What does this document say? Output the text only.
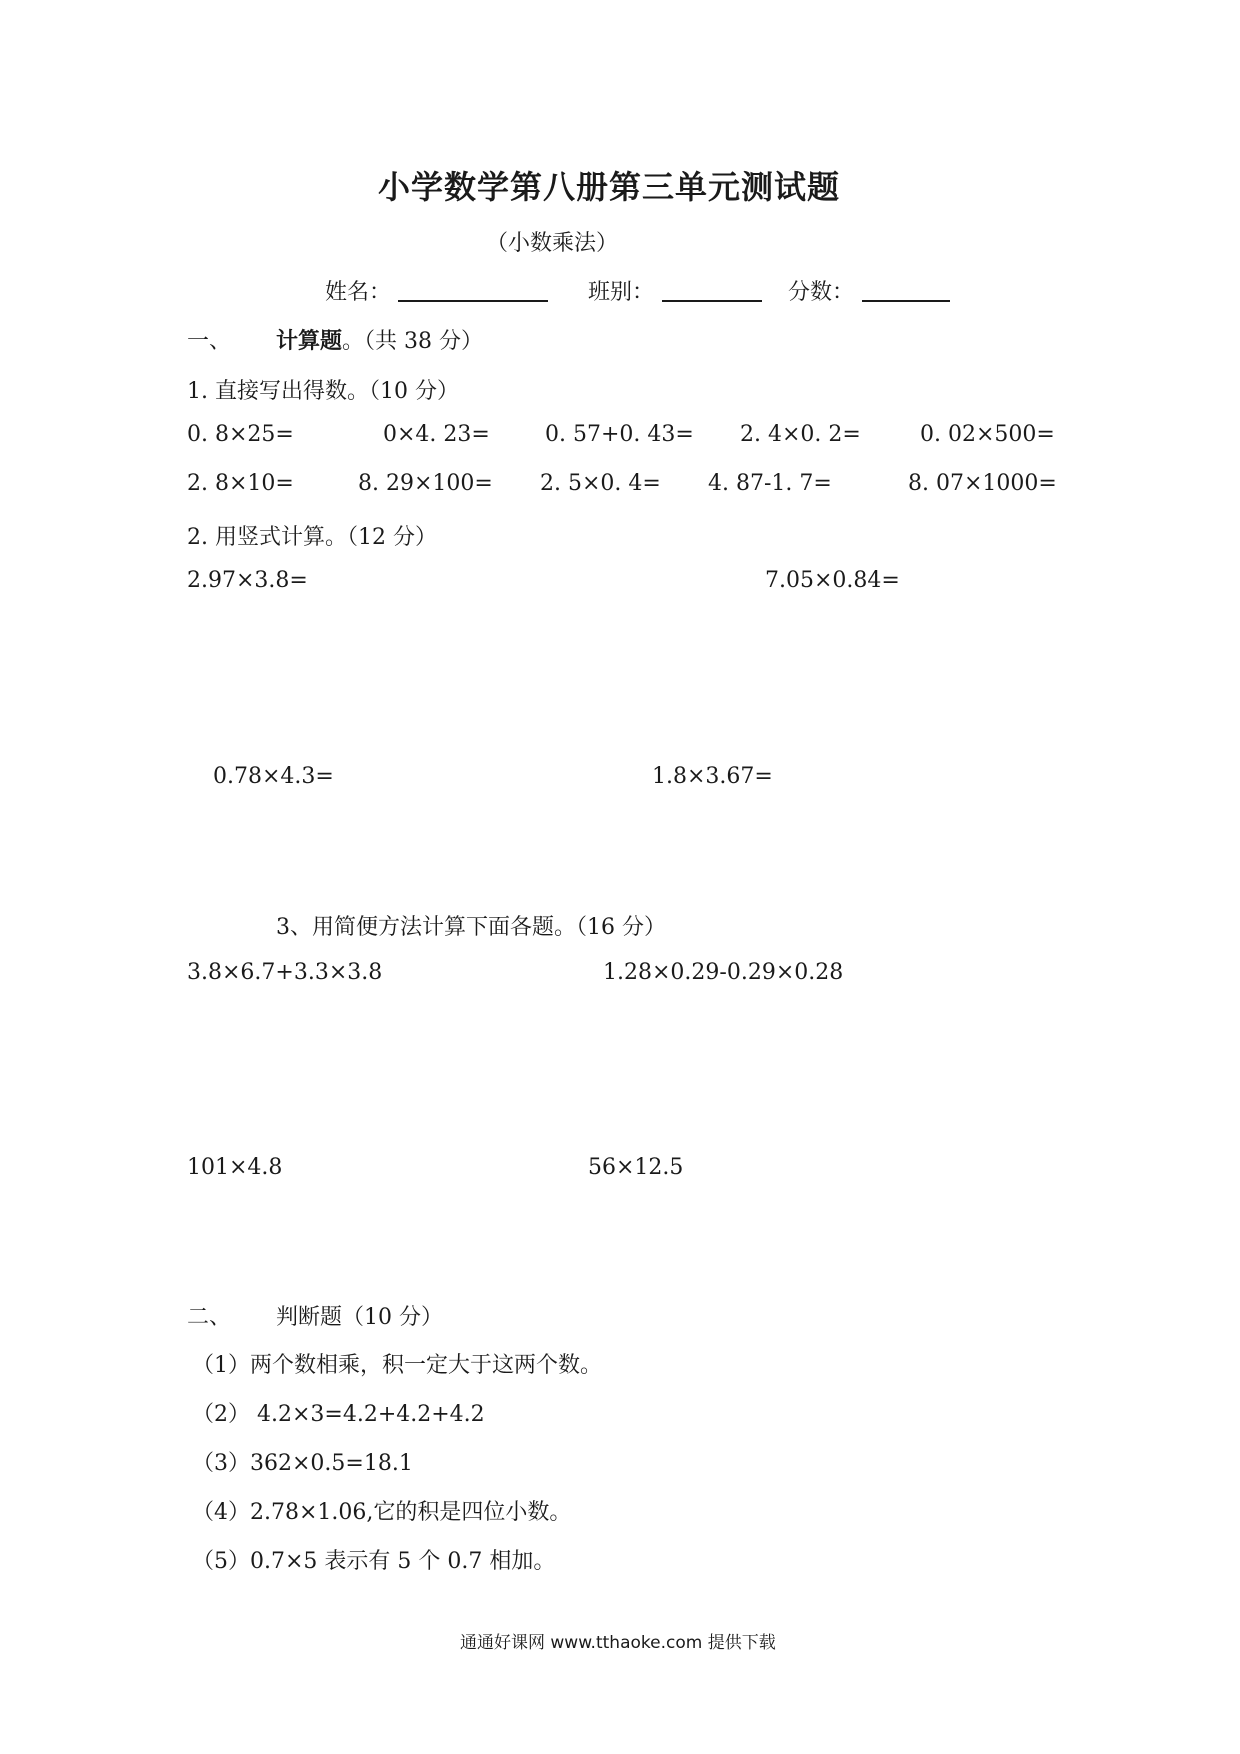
小学数学第八册第三单元测试题
（小数乘法）
姓名：	班别：	分数：
一、 计算题。（共 38 分）
1. 直接写出得数。（10 分）
0. 8×25=	0×4. 23=	0. 57+0. 43= 2. 4×0. 2=	0. 02×500=
2. 8×10=	8. 29×100= 2. 5×0. 4= 4. 87-1. 7=	8. 07×1000=
2. 用竖式计算。（12 分）
2.97×3.8=	7.05×0.84=
0.78×4.3=	1.8×3.67=
3、用简便方法计算下面各题。（16 分）
3.8×6.7+3.3×3.8	1.28×0.29-0.29×0.28
101×4.8	56×12.5
二、 判断题（10 分）
（1）两个数相乘，积一定大于这两个数。
（2） 4.2×3=4.2+4.2+4.2
（3）362×0.5=18.1
（4）2.78×1.06,它的积是四位小数。
（5）0.7×5 表示有 5 个 0.7 相加。
通通好课网 www.tthaoke.com 提供下载
